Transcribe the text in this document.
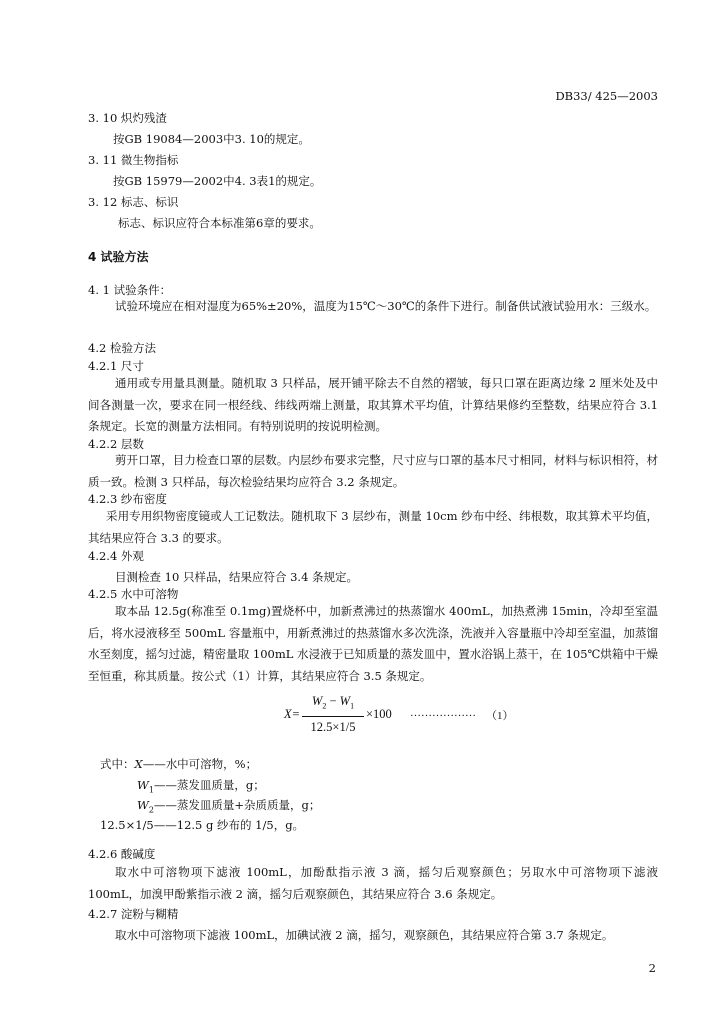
DB33/ 425—2003
3. 10 炽灼残渣
按GB 19084—2003中3. 10的规定。
3. 11 微生物指标
按GB 15979—2002中4. 3表1的规定。
3. 12 标志、标识
标志、标识应符合本标准第6章的要求。
4 试验方法
4. 1 试验条件：
试验环境应在相对湿度为65%±20%，温度为15℃～30℃的条件下进行。制备供试液试验用水：三级水。
4.2 检验方法
4.2.1 尺寸
通用或专用量具测量。随机取 3 只样品，展开铺平除去不自然的褶皱，每只口罩在距离边缘 2 厘米处及中间各测量一次，要求在同一根经线、纬线两端上测量，取其算术平均值，计算结果修约至整数，结果应符合 3.1 条规定。长宽的测量方法相同。有特别说明的按说明检测。
4.2.2 层数
剪开口罩，目力检查口罩的层数。内层纱布要求完整，尺寸应与口罩的基本尺寸相同，材料与标识相符，材质一致。检测 3 只样品，每次检验结果均应符合 3.2 条规定。
4.2.3 纱布密度
采用专用织物密度镜或人工记数法。随机取下 3 层纱布，测量 10cm 纱布中经、纬根数，取其算术平均值，其结果应符合 3.3 的要求。
4.2.4 外观
目测检查 10 只样品，结果应符合 3.4 条规定。
4.2.5 水中可溶物
取本品 12.5g(称准至 0.1mg)置烧杯中，加新煮沸过的热蒸馏水 400mL，加热煮沸 15min，冷却至室温后，将水浸液移至 500mL 容量瓶中，用新煮沸过的热蒸馏水多次洗涤，洗液并入容量瓶中冷却至室温，加蒸馏水至刻度，摇匀过滤，精密量取 100mL 水浸液于已知质量的蒸发皿中，置水浴锅上蒸干，在 105℃烘箱中干燥至恒重，称其质量。按公式（1）计算，其结果应符合 3.5 条规定。
X=
$W_2 - W_1$
12.5×1/5
×100 ……………… （1）
式中：X——水中可溶物，%；
$W_1——$蒸发皿质量，g；
$W_2——$蒸发皿质量+杂质质量，g；
12.5×1/5——12.5 g 纱布的 1/5，g。
4.2.6 酸碱度
取水中可溶物项下滤液 100mL，加酚酞指示液 3 滴，摇匀后观察颜色；另取水中可溶物项下滤液 100mL，加溴甲酚紫指示液 2 滴，摇匀后观察颜色，其结果应符合 3.6 条规定。
4.2.7 淀粉与糊精
取水中可溶物项下滤液 100mL，加碘试液 2 滴，摇匀，观察颜色，其结果应符合第 3.7 条规定。
2
